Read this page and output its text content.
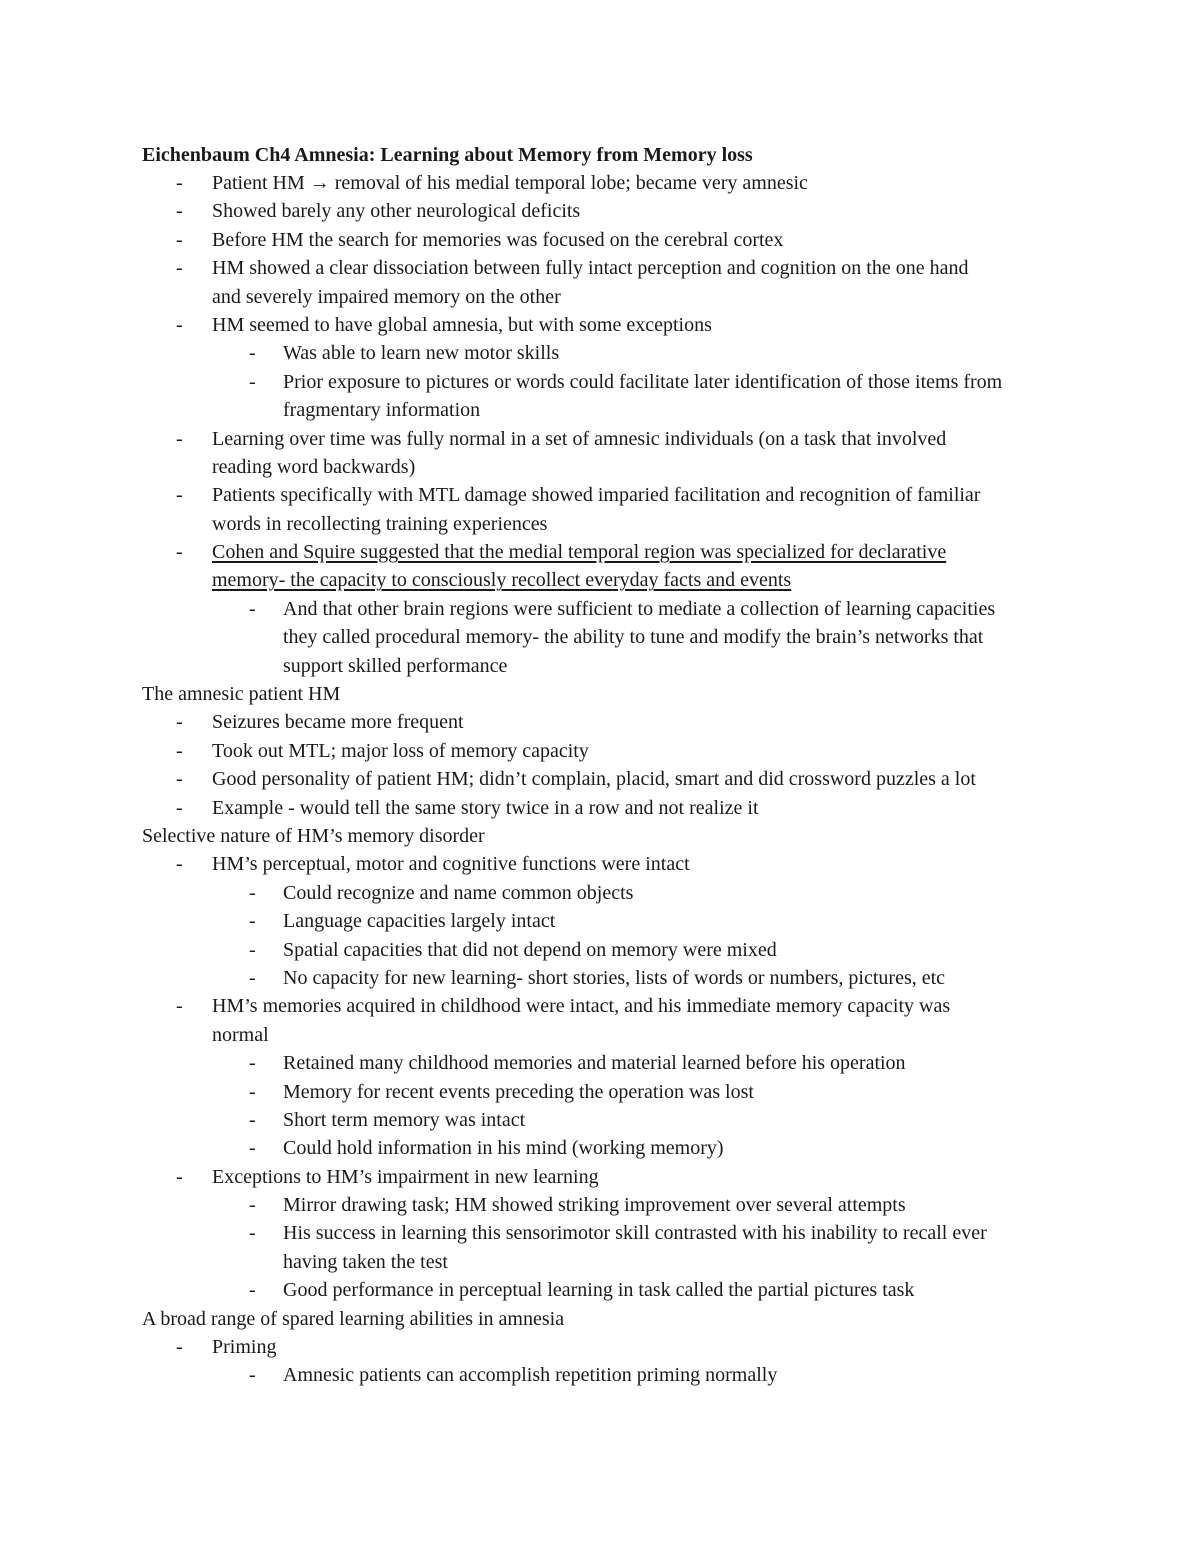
Eichenbaum Ch4 Amnesia: Learning about Memory from Memory loss
- Patient HM → removal of his medial temporal lobe; became very amnesic
- Showed barely any other neurological deficits
- Before HM the search for memories was focused on the cerebral cortex
- HM showed a clear dissociation between fully intact perception and cognition on the one hand
and severely impaired memory on the other
- HM seemed to have global amnesia, but with some exceptions
- Was able to learn new motor skills
- Prior exposure to pictures or words could facilitate later identification of those items from
fragmentary information
- Learning over time was fully normal in a set of amnesic individuals (on a task that involved
reading word backwards)
- Patients specifically with MTL damage showed imparied facilitation and recognition of familiar
words in recollecting training experiences
- Cohen and Squire suggested that the medial temporal region was specialized for declarative
memory- the capacity to consciously recollect everyday facts and events
- And that other brain regions were sufficient to mediate a collection of learning capacities
they called procedural memory- the ability to tune and modify the brain’s networks that
support skilled performance
The amnesic patient HM
- Seizures became more frequent
- Took out MTL; major loss of memory capacity
- Good personality of patient HM; didn’t complain, placid, smart and did crossword puzzles a lot
- Example - would tell the same story twice in a row and not realize it
Selective nature of HM’s memory disorder
- HM’s perceptual, motor and cognitive functions were intact
- Could recognize and name common objects
- Language capacities largely intact
- Spatial capacities that did not depend on memory were mixed
- No capacity for new learning- short stories, lists of words or numbers, pictures, etc
- HM’s memories acquired in childhood were intact, and his immediate memory capacity was
normal
- Retained many childhood memories and material learned before his operation
- Memory for recent events preceding the operation was lost
- Short term memory was intact
- Could hold information in his mind (working memory)
- Exceptions to HM’s impairment in new learning
- Mirror drawing task; HM showed striking improvement over several attempts
- His success in learning this sensorimotor skill contrasted with his inability to recall ever
having taken the test
- Good performance in perceptual learning in task called the partial pictures task
A broad range of spared learning abilities in amnesia
- Priming
- Amnesic patients can accomplish repetition priming normally
